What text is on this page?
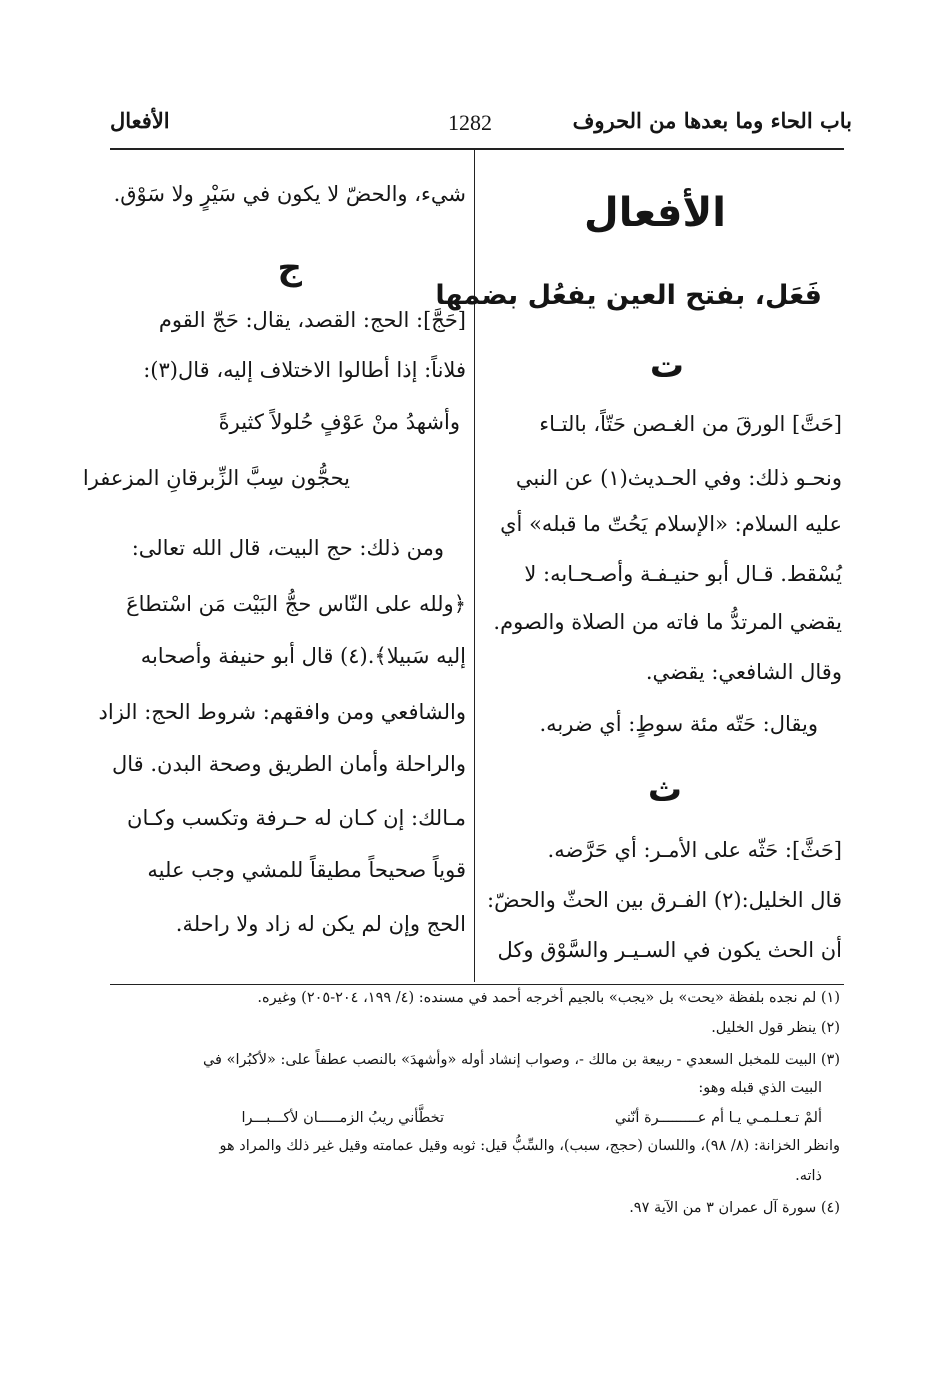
باب الحاء وما بعدها من الحروف
1282
الأفعال
الأفعال
فَعَل، بفتح العين يفعُل بضمها
ت
[حَتَّ] الورقَ من الغـصن حَتّاً، بالتـاء
ونحـو ذلك: وفي الحـديث(١) عن النبي
عليه السلام: «الإسلام يَحُتّ ما قبله» أي
يُسْقط. قـال أبو حنيـفـة وأصـحـابه: لا
يقضي المرتدُّ ما فاته من الصلاة والصوم.
وقال الشافعي: يقضي.
ويقال: حَتّه مئة سوطٍ: أي ضربه.
ث
[حَثَّ]: حَثّه على الأمـر: أي حَرَّضه.
قال الخليل:(٢) الفـرق بين الحثّ والحضّ:
أن الحث يكون في السـيـر والسَّوْق وكل
شيء، والحضّ لا يكون في سَيْرٍ ولا سَوْق.
ج
[حَجَّ]: الحج: القصد، يقال: حَجّ القوم
فلاناً: إذا أطالوا الاختلاف إليه، قال(٣):
وأشهدُ منْ عَوْفٍ حُلولاً كثيرةً
يحجُّون سِبَّ الزِّبرقانِ المزعفرا
ومن ذلك: حج البيت، قال الله تعالى:
﴿ولله على النّاس حجُّ البَيْت مَن اسْتطاعَ
إليه سَبيلا﴾.(٤) قال أبو حنيفة وأصحابه
والشافعي ومن وافقهم: شروط الحج: الزاد
والراحلة وأمان الطريق وصحة البدن. قال
مـالك: إن كـان له حـرفة وتكسب وكـان
قوياً صحيحاً مطيقاً للمشي وجب عليه
الحج وإن لم يكن له زاد ولا راحلة.
(١) لم نجده بلفظة «يحت» بل «يجب» بالجيم أخرجه أحمد في مسنده: (٤/ ١٩٩، ٢٠٤-٢٠٥) وغيره.
(٢) ينظر قول الخليل.
(٣) البيت للمخبل السعدي - ربيعة بن مالك -، وصواب إنشاد أوله «وأشهدَ» بالنصب عطفاً على: «لأكبُرا» في
البيت الذي قبله وهو:
ألمْ تـعـلـمـي يـا أم عـــــــــرة أنّني
تخطَّأني ريبُ الزمـــــان لأكـــبـــرا
وانظر الخزانة: (٨/ ٩٨)، واللسان (حجج، سبب)، والسِّبُّ قيل: ثوبه وقيل عمامته وقيل غير ذلك والمراد هو
ذاته.
(٤) سورة آل عمران ٣ من الآية ٩٧.
